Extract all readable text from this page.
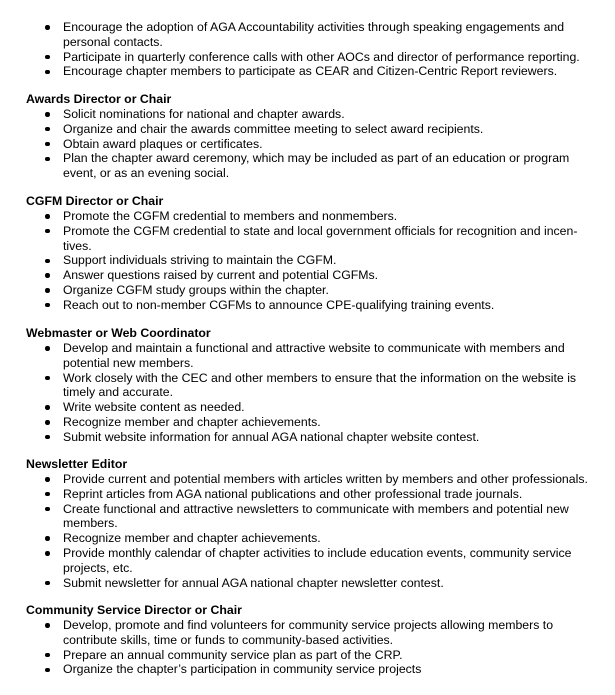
Encourage the adoption of AGA Accountability activities through speaking engagements and personal contacts.
Participate in quarterly conference calls with other AOCs and director of performance reporting.
Encourage chapter members to participate as CEAR and Citizen-Centric Report reviewers.
Awards Director or Chair
Solicit nominations for national and chapter awards.
Organize and chair the awards committee meeting to select award recipients.
Obtain award plaques or certificates.
Plan the chapter award ceremony, which may be included as part of an education or program event, or as an evening social.
CGFM Director or Chair
Promote the CGFM credential to members and nonmembers.
Promote the CGFM credential to state and local government officials for recognition and incen-tives.
Support individuals striving to maintain the CGFM.
Answer questions raised by current and potential CGFMs.
Organize CGFM study groups within the chapter.
Reach out to non-member CGFMs to announce CPE-qualifying training events.
Webmaster or Web Coordinator
Develop and maintain a functional and attractive website to communicate with members and potential new members.
Work closely with the CEC and other members to ensure that the information on the website is timely and accurate.
Write website content as needed.
Recognize member and chapter achievements.
Submit website information for annual AGA national chapter website contest.
Newsletter Editor
Provide current and potential members with articles written by members and other professionals.
Reprint articles from AGA national publications and other professional trade journals.
Create functional and attractive newsletters to communicate with members and potential new members.
Recognize member and chapter achievements.
Provide monthly calendar of chapter activities to include education events, community service projects, etc.
Submit newsletter for annual AGA national chapter newsletter contest.
Community Service Director or Chair
Develop, promote and find volunteers for community service projects allowing members to contribute skills, time or funds to community-based activities.
Prepare an annual community service plan as part of the CRP.
Organize the chapter’s participation in community service projects
